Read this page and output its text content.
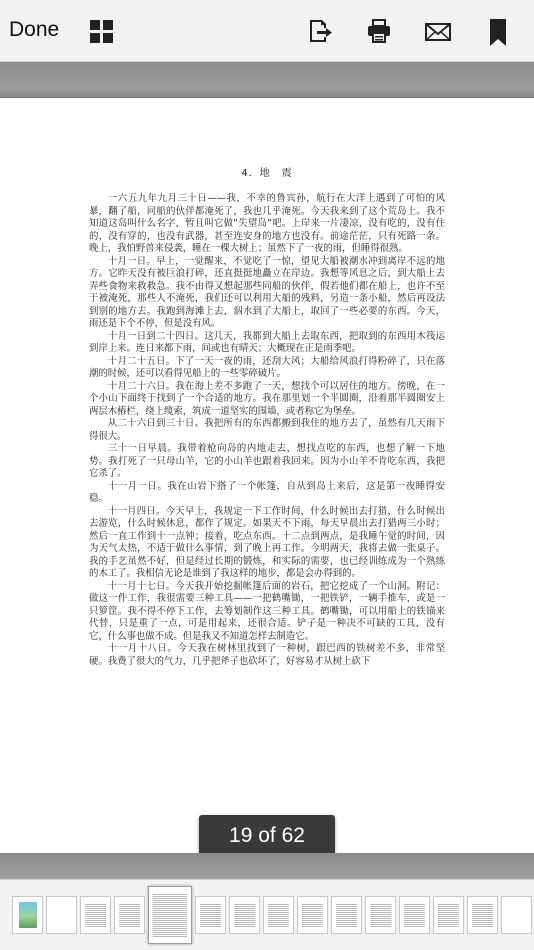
Done
4．地　震

一六五九年九月三十日——我，不幸的鲁宾孙，航行在大洋上遇到了可怕的风暴，翻了船，同船的伙伴都淹死了，我也几乎淹死。今天我来到了这个荒岛上。我不知道这岛叫什么名字，暂且叫它做“失望岛”吧。上岸来一片凄凉，没有吃的，没有住的，没有穿的，也没有武器，甚至连安身的地方也没有。前途茫茫，只有死路一条。晚上，我怕野兽来侵袭，睡在一棵大树上；虽然下了一夜的雨，但睡得很熟。

十月一日。早上，一觉醒来，不觉吃了一惊，望见大船被潮水冲到离岸不远的地方。它昨天没有被巨浪打碎，还直挺挺地矗立在岸边。我想等风息之后，到大船上去弄些食物来救救急。我不由得又想起那些同船的伙伴，假若他们都在船上，也许不至于被淹死，那些人不淹死，我们还可以利用大船的残料，另造一条小船，然后再设法到别的地方去。我跑到海滩上去，泅水到了大船上，取回了一些必要的东西。今天，雨还是下个不停，但是没有风。

十月一日到二十四日。这几天，我都到大船上去取东西，把取到的东西用木筏运到岸上来。连日来都下雨，间或也有晴天；大概现在正是雨季吧。

十月二十五日。下了一天一夜的雨，还刮大风；大船给风浪打得粉碎了，只在落潮的时候，还可以看得见船上的一些零碎破片。

十月二十六日。我在海上差不多跑了一天，想找个可以居住的地方。傍晚，在一个小山下面终于找到了一个合适的地方。我在那里划一个半圆圈，沿着那半圆圈安上两层木樁栏，绕上缆索，筑成一道坚实的围墙，或者称它为堡垒。

从二十六日到三十日。我把所有的东西都搬到我住的地方去了，虽然有几天雨下得很大。

三十一日早晨。我带着枪向岛的内地走去，想找点吃的东西，也想了解一下地势。我打死了一只母山羊，它的小山羊也跟着我回来。因为小山羊不肯吃东西，我把它杀了。

十一月一日。我在山岩下搭了一个帐篷，自从到岛上来后，这是第一夜睡得安稳。

十一月四日。今天早上，我规定一下工作时间，什么时候出去打猎，什么时候出去游览，什么时候休息，都作了规定。如果天不下雨，每天早晨出去打猎两三小时；然后一直工作到十一点钟；接着，吃点东西。十二点到两点，是我睡午觉的时间，因为天气太热，不适于做什么事情，到了晚上再工作。今明两天，我将去做一张桌子。我的手艺虽然不好，但是经过长期的锻炼，和实际的需要，也已经训练成为一个熟练的木工了。我相信无论是谁到了我这样的地步，都是会办得到的。

十一月十七日。今天我开始挖掘帐篷后面的岩石，把它挖成了一个山洞。附记：做这一件工作，我很需要三种工具——一把鹤嘴锄，一把铁铲，一辆手推车，或是一只箩筐。我不得不停下工作，去筹划制作这三种工具。鹤嘴锄，可以用船上的铁锚来代替，只是重了一点，可是用起来，还很合适。铲子是一种决不可缺的工具，没有它，什么事也做不成。但是我又不知道怎样去制造它。

十一月十八日。今天我在树林里找到了一种树，跟巴西的铁树差不多，非常坚硬。我费了很大的气力，几乎把斧子也砍坏了，好容易才从树上砍下

19 of 62
